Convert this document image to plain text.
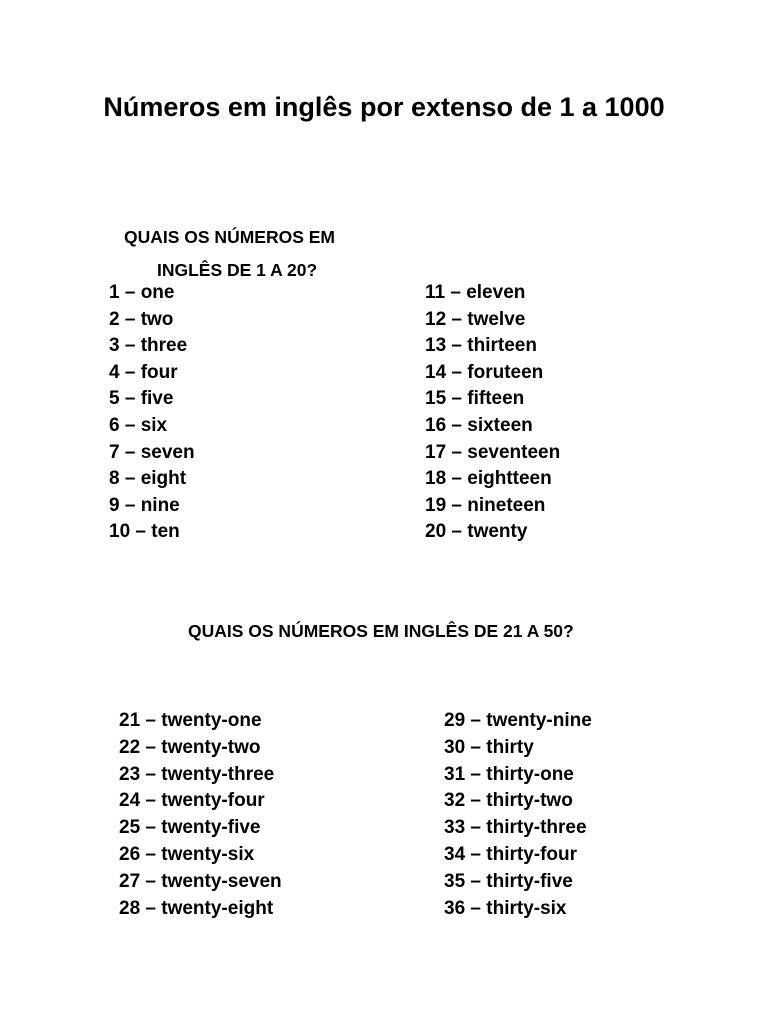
Números em inglês por extenso de 1 a 1000
QUAIS OS NÚMEROS EM
INGLÊS DE 1 A 20?
1 – one
2 – two
3 – three
4 – four
5 – five
6 – six
7 – seven
8 – eight
9 – nine
10 – ten
11 – eleven
12 – twelve
13 – thirteen
14 – foruteen
15 – fifteen
16 – sixteen
17 – seventeen
18 – eightteen
19 – nineteen
20 – twenty
QUAIS OS NÚMEROS EM INGLÊS DE 21 A 50?
21 – twenty-one
22 – twenty-two
23 – twenty-three
24 – twenty-four
25 – twenty-five
26 – twenty-six
27 – twenty-seven
28 – twenty-eight
29 – twenty-nine
30 – thirty
31 – thirty-one
32 – thirty-two
33 – thirty-three
34 – thirty-four
35 – thirty-five
36 – thirty-six
